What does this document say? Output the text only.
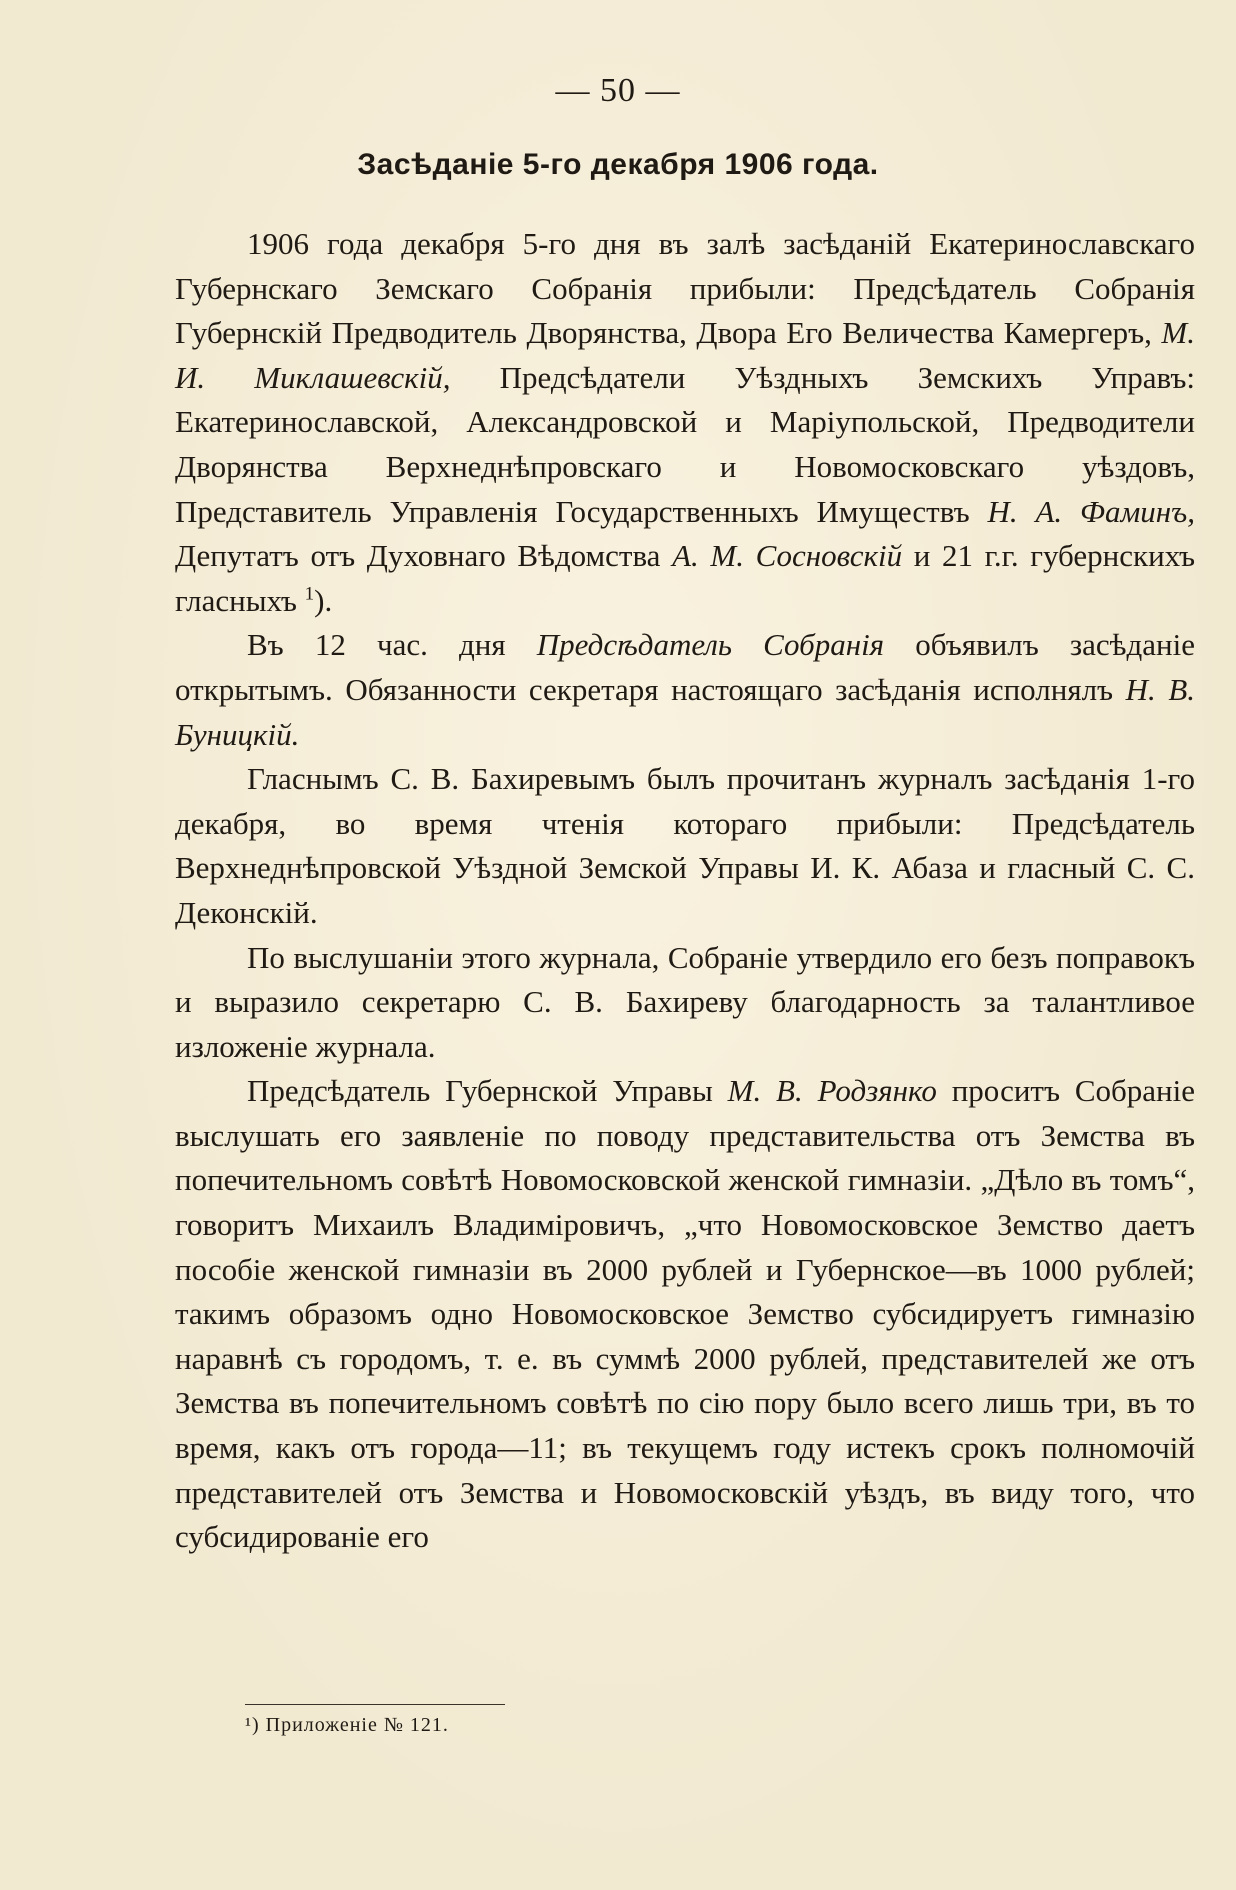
— 50 —
Засѣданіе 5-го декабря 1906 года.

1906 года декабря 5-го дня въ залѣ засѣданій Екатеринославскаго Губернскаго Земскаго Собранія прибыли: Предсѣдатель Собранія Губернскій Предводитель Дворянства, Двора Его Величества Камергеръ, М. И. Миклашевскій, Предсѣдатели Уѣздныхъ Земскихъ Управъ: Екатеринославской, Александровской и Маріупольской, Предводители Дворянства Верхнеднѣпровскаго и Новомосковскаго уѣздовъ, Представитель Управленія Государственныхъ Имуществъ Н. А. Фаминъ, Депутатъ отъ Духовнаго Вѣдомства А. М. Сосновскій и 21 г.г. губернскихъ гласныхъ $^1$).

Въ 12 час. дня Предсѣдатель Собранія объявилъ засѣданіе открытымъ. Обязанности секретаря настоящаго засѣданія исполнялъ Н. В. Буницкій.

Гласнымъ С. В. Бахиревымъ былъ прочитанъ журналъ засѣданія 1-го декабря, во время чтенія котораго прибыли: Предсѣдатель Верхнеднѣпровской Уѣздной Земской Управы И. К. Абаза и гласный С. С. Деконскій.

По выслушаніи этого журнала, Собраніе утвердило его безъ поправокъ и выразило секретарю С. В. Бахиреву благодарность за талантливое изложеніе журнала.

Предсѣдатель Губернской Управы М. В. Родзянко проситъ Собраніе выслушать его заявленіе по поводу представительства отъ Земства въ попечительномъ совѣтѣ Новомосковской женской гимназіи. „Дѣло въ томъ“, говоритъ Михаилъ Владиміровичъ, „что Новомосковское Земство даетъ пособіе женской гимназіи въ 2000 рублей и Губернское—въ 1000 рублей; такимъ образомъ одно Новомосковское Земство субсидируетъ гимназію наравнѣ съ городомъ, т. е. въ суммѣ 2000 рублей, представителей же отъ Земства въ попечительномъ совѣтѣ по сію пору было всего лишь три, въ то время, какъ отъ города—11; въ текущемъ году истекъ срокъ полномочій представителей отъ Земства и Новомосковскій уѣздъ, въ виду того, что субсидированіе его

¹) Приложеніе № 121.
